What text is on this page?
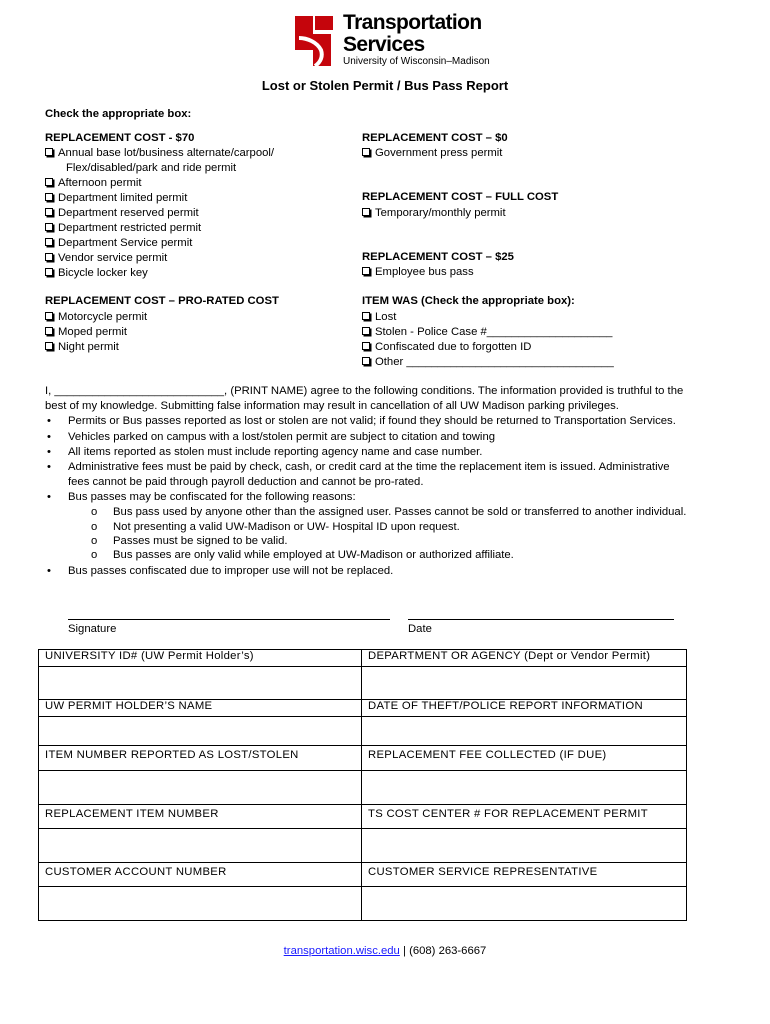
Transportation
Services
University of Wisconsin–Madison
Lost or Stolen Permit / Bus Pass Report
Check the appropriate box:
REPLACEMENT COST - $70
Annual base lot/business alternate/carpool/
Flex/disabled/park and ride permit
Afternoon permit
Department limited permit
Department reserved permit
Department restricted permit
Department Service permit
Vendor service permit
Bicycle locker key
REPLACEMENT COST – PRO-RATED COST
Motorcycle permit
Moped permit
Night permit
REPLACEMENT COST – $0
Government press permit
REPLACEMENT COST – FULL COST
Temporary/monthly permit
REPLACEMENT COST – $25
Employee bus pass
ITEM WAS (Check the appropriate box):
Lost
Stolen - Police Case #____________________
Confiscated due to forgotten ID
Other _________________________________
I, ___________________________, (PRINT NAME) agree to the following conditions. The information provided is truthful to the
best of my knowledge. Submitting false information may result in cancellation of all UW Madison parking privileges.
• Permits or Bus passes reported as lost or stolen are not valid; if found they should be returned to Transportation Services.
• Vehicles parked on campus with a lost/stolen permit are subject to citation and towing
• All items reported as stolen must include reporting agency name and case number.
• Administrative fees must be paid by check, cash, or credit card at the time the replacement item is issued. Administrative
fees cannot be paid through payroll deduction and cannot be pro-rated.
• Bus passes may be confiscated for the following reasons:
o Bus pass used by anyone other than the assigned user. Passes cannot be sold or transferred to another individual.
o Not presenting a valid UW-Madison or UW- Hospital ID upon request.
o Passes must be signed to be valid.
o Bus passes are only valid while employed at UW-Madison or authorized affiliate.
• Bus passes confiscated due to improper use will not be replaced.
Signature	Date
UNIVERSITY ID# (UW Permit Holder’s)	DEPARTMENT OR AGENCY (Dept or Vendor Permit)

UW PERMIT HOLDER’S NAME	DATE OF THEFT/POLICE REPORT INFORMATION

ITEM NUMBER REPORTED AS LOST/STOLEN	REPLACEMENT FEE COLLECTED (IF DUE)

REPLACEMENT ITEM NUMBER	TS COST CENTER # FOR REPLACEMENT PERMIT

CUSTOMER ACCOUNT NUMBER	CUSTOMER SERVICE REPRESENTATIVE

transportation.wisc.edu | (608) 263-6667
